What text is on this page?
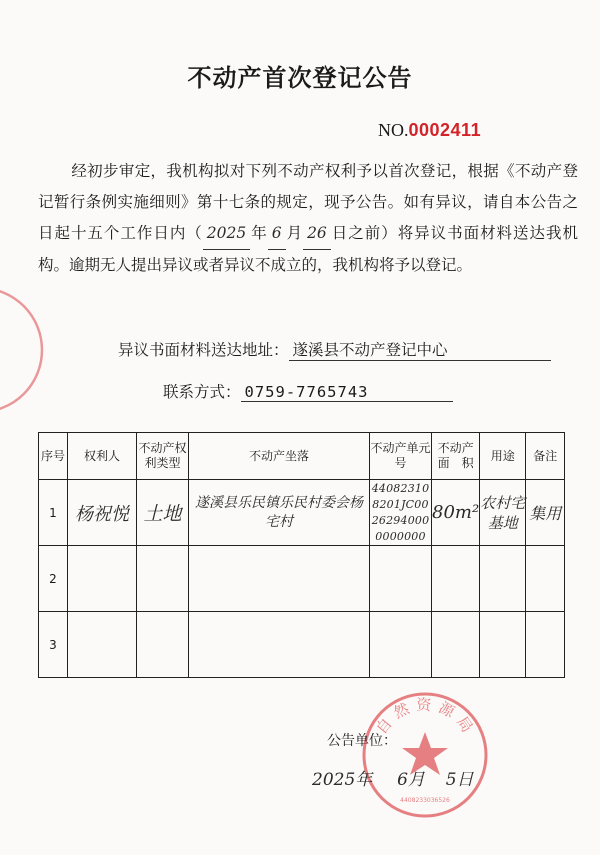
不动产首次登记公告
NO.0002411
经初步审定，我机构拟对下列不动产权利予以首次登记，根据《不动产登记暂行条例实施细则》第十七条的规定，现予公告。如有异议，请自本公告之日起十五个工作日内（ 2025 年 6 月 26 日之前）将异议书面材料送达我机构。逾期无人提出异议或者异议不成立的，我机构将予以登记。
异议书面材料送达地址： 遂溪县不动产登记中心
联系方式： 0759-7765743
序号	权利人	不动产权利类型	不动产坐落	不动产单元号	不动产面　积	用途	备注
1	杨祝悦	土地	遂溪县乐民镇乐民村委会杨宅村	440823108201JC00262940000000000	80m²	农村宅基地	集用
2							
3							
自然资源局
4408233036526
公告单位：
2025年 6月 5日
